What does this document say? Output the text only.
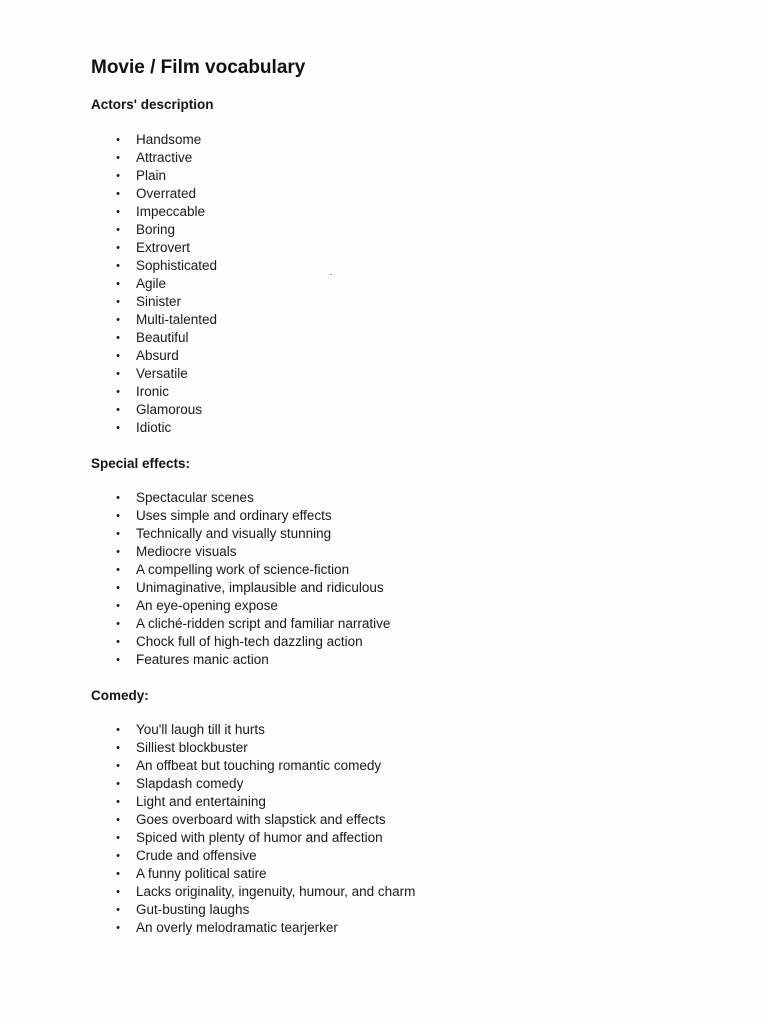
Movie / Film vocabulary
Actors' description
• Handsome
• Attractive
• Plain
• Overrated
• Impeccable
• Boring
• Extrovert
• Sophisticated
• Agile
• Sinister
• Multi-talented
• Beautiful
• Absurd
• Versatile
• Ironic
• Glamorous
• Idiotic
Special effects:
• Spectacular scenes
• Uses simple and ordinary effects
• Technically and visually stunning
• Mediocre visuals
• A compelling work of science-fiction
• Unimaginative, implausible and ridiculous
• An eye-opening expose
• A cliché-ridden script and familiar narrative
• Chock full of high-tech dazzling action
• Features manic action
Comedy:
• You'll laugh till it hurts
• Silliest blockbuster
• An offbeat but touching romantic comedy
• Slapdash comedy
• Light and entertaining
• Goes overboard with slapstick and effects
• Spiced with plenty of humor and affection
• Crude and offensive
• A funny political satire
• Lacks originality, ingenuity, humour, and charm
• Gut-busting laughs
• An overly melodramatic tearjerker
